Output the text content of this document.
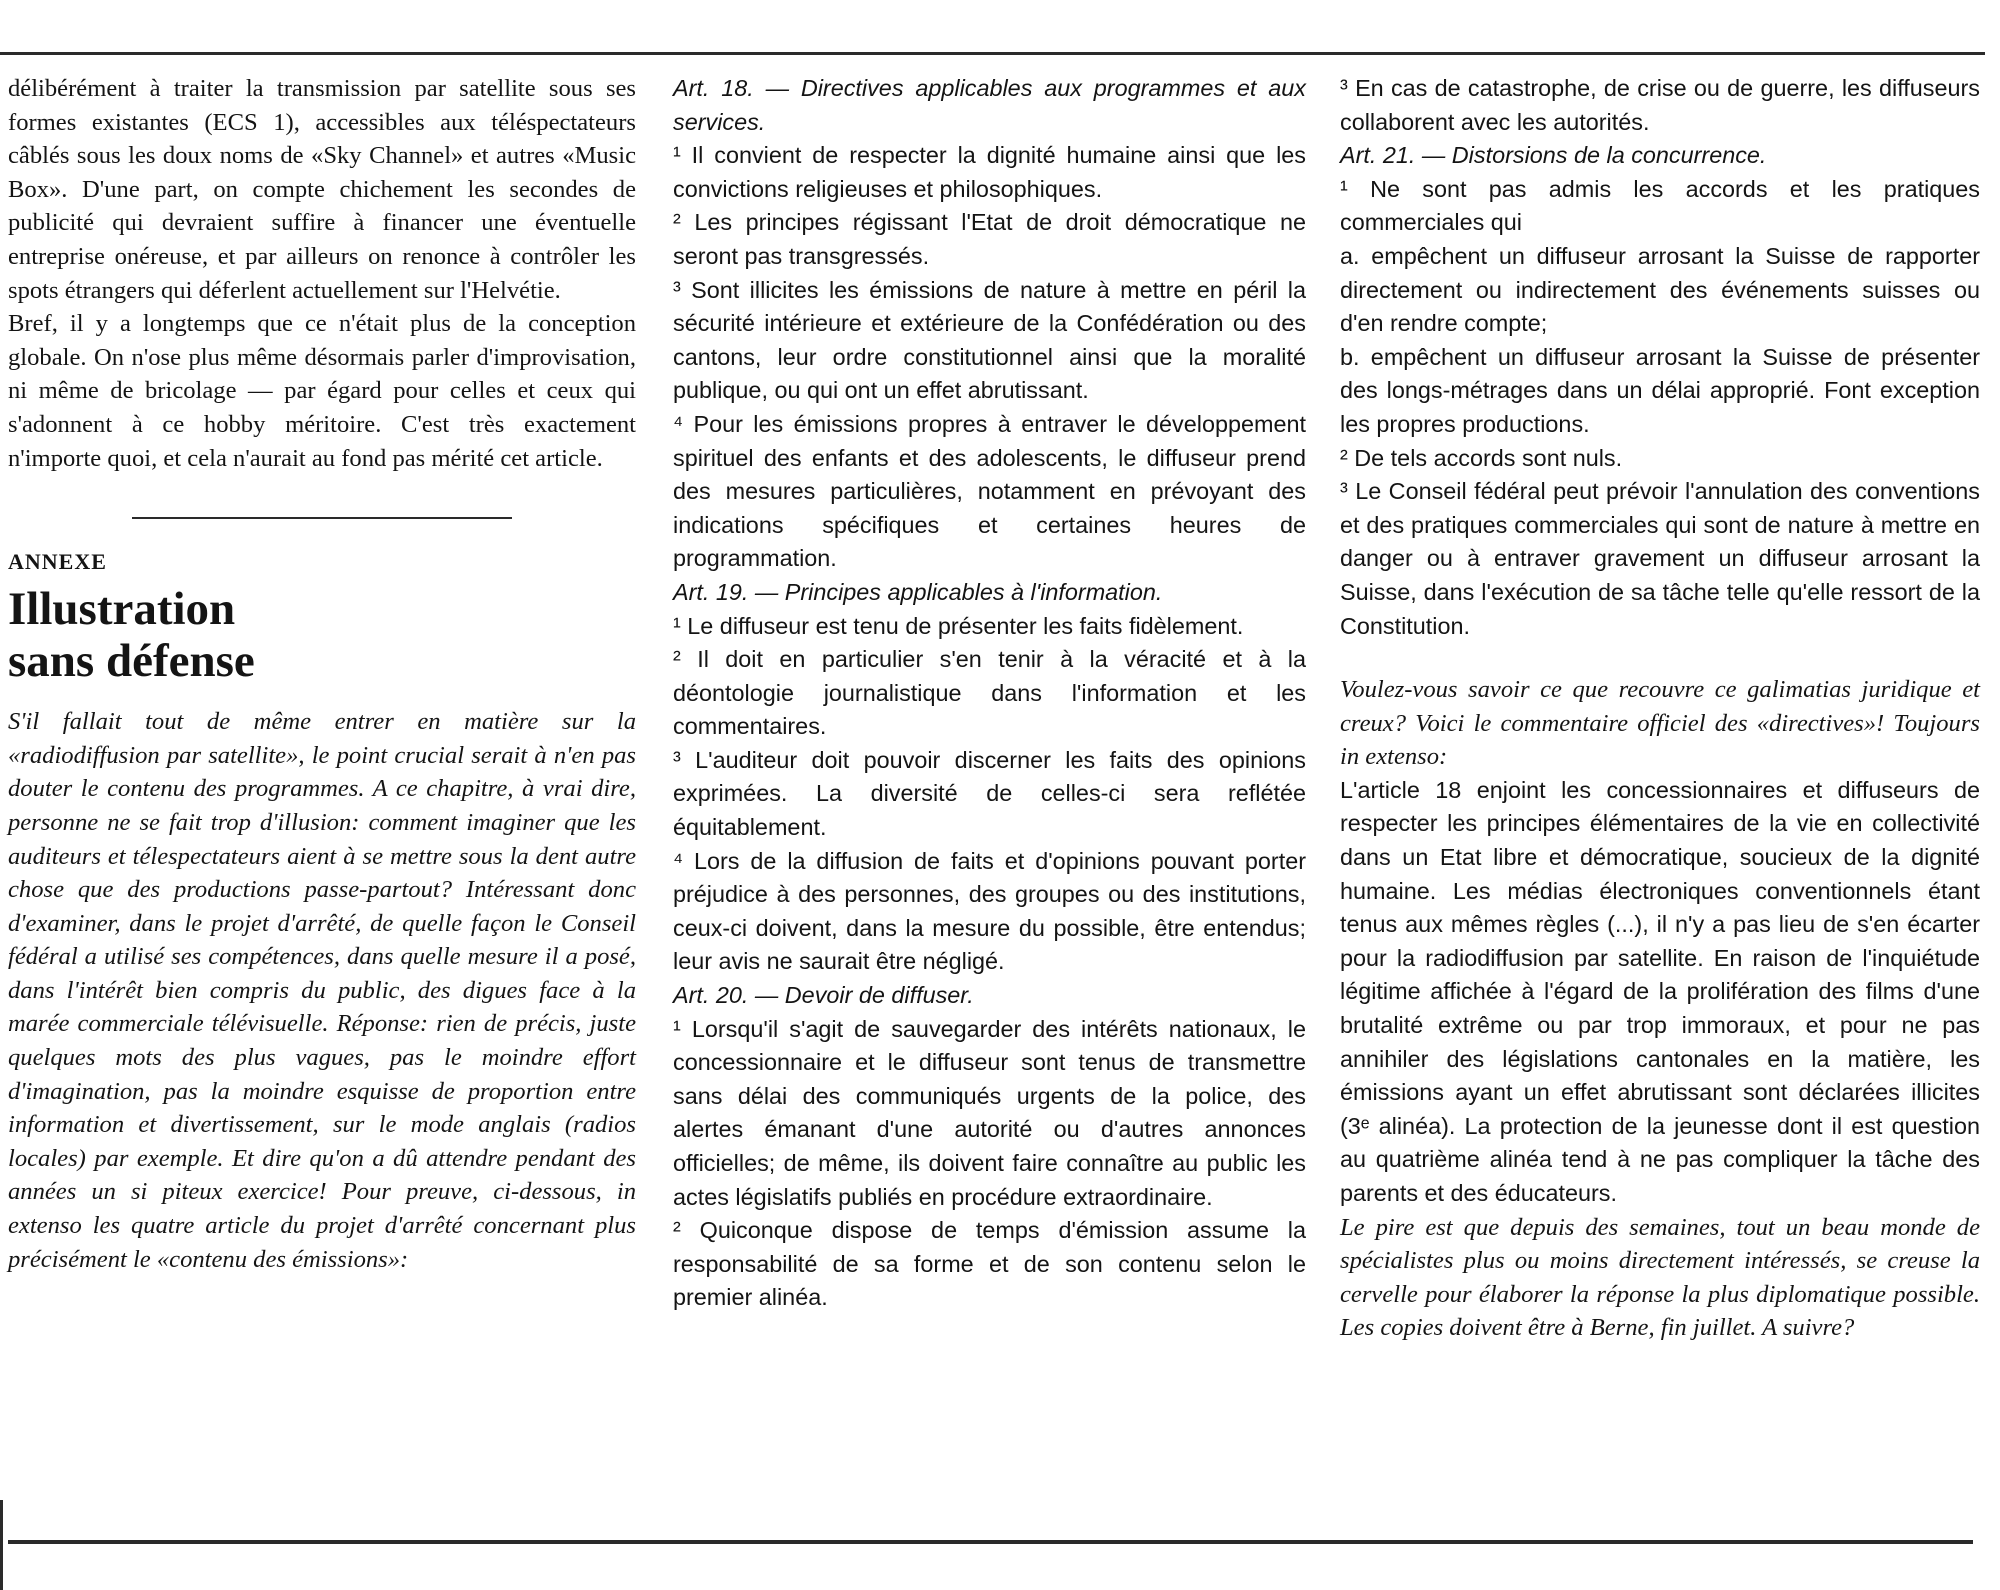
délibérément à traiter la transmission par satellite sous ses formes existantes (ECS 1), accessibles aux téléspectateurs câblés sous les doux noms de «Sky Channel» et autres «Music Box». D'une part, on compte chichement les secondes de publicité qui devraient suffire à financer une éventuelle entreprise onéreuse, et par ailleurs on renonce à contrôler les spots étrangers qui déferlent actuellement sur l'Helvétie.

Bref, il y a longtemps que ce n'était plus de la conception globale. On n'ose plus même désormais parler d'improvisation, ni même de bricolage — par égard pour celles et ceux qui s'adonnent à ce hobby méritoire. C'est très exactement n'importe quoi, et cela n'aurait au fond pas mérité cet article.

ANNEXE

Illustration
sans défense

S'il fallait tout de même entrer en matière sur la «radiodiffusion par satellite», le point crucial serait à n'en pas douter le contenu des programmes. A ce chapitre, à vrai dire, personne ne se fait trop d'illusion: comment imaginer que les auditeurs et télespectateurs aient à se mettre sous la dent autre chose que des productions passe-partout? Intéressant donc d'examiner, dans le projet d'arrêté, de quelle façon le Conseil fédéral a utilisé ses compétences, dans quelle mesure il a posé, dans l'intérêt bien compris du public, des digues face à la marée commerciale télévisuelle. Réponse: rien de précis, juste quelques mots des plus vagues, pas le moindre effort d'imagination, pas la moindre esquisse de proportion entre information et divertissement, sur le mode anglais (radios locales) par exemple. Et dire qu'on a dû attendre pendant des années un si piteux exercice! Pour preuve, ci-dessous, in extenso les quatre article du projet d'arrêté concernant plus précisément le «contenu des émissions»:

Art. 18. — Directives applicables aux programmes et aux services.

¹ Il convient de respecter la dignité humaine ainsi que les convictions religieuses et philosophiques.

² Les principes régissant l'Etat de droit démocratique ne seront pas transgressés.

³ Sont illicites les émissions de nature à mettre en péril la sécurité intérieure et extérieure de la Confédération ou des cantons, leur ordre constitutionnel ainsi que la moralité publique, ou qui ont un effet abrutissant.

⁴ Pour les émissions propres à entraver le développement spirituel des enfants et des adolescents, le diffuseur prend des mesures particulières, notamment en prévoyant des indications spécifiques et certaines heures de programmation.

Art. 19. — Principes applicables à l'information.

¹ Le diffuseur est tenu de présenter les faits fidèlement.

² Il doit en particulier s'en tenir à la véracité et à la déontologie journalistique dans l'information et les commentaires.

³ L'auditeur doit pouvoir discerner les faits des opinions exprimées. La diversité de celles-ci sera reflétée équitablement.

⁴ Lors de la diffusion de faits et d'opinions pouvant porter préjudice à des personnes, des groupes ou des institutions, ceux-ci doivent, dans la mesure du possible, être entendus; leur avis ne saurait être négligé.

Art. 20. — Devoir de diffuser.

¹ Lorsqu'il s'agit de sauvegarder des intérêts nationaux, le concessionnaire et le diffuseur sont tenus de transmettre sans délai des communiqués urgents de la police, des alertes émanant d'une autorité ou d'autres annonces officielles; de même, ils doivent faire connaître au public les actes législatifs publiés en procédure extraordinaire.

² Quiconque dispose de temps d'émission assume la responsabilité de sa forme et de son contenu selon le premier alinéa.

³ En cas de catastrophe, de crise ou de guerre, les diffuseurs collaborent avec les autorités.

Art. 21. — Distorsions de la concurrence.

¹ Ne sont pas admis les accords et les pratiques commerciales qui

a. empêchent un diffuseur arrosant la Suisse de rapporter directement ou indirectement des événements suisses ou d'en rendre compte;

b. empêchent un diffuseur arrosant la Suisse de présenter des longs-métrages dans un délai approprié. Font exception les propres productions.

² De tels accords sont nuls.

³ Le Conseil fédéral peut prévoir l'annulation des conventions et des pratiques commerciales qui sont de nature à mettre en danger ou à entraver gravement un diffuseur arrosant la Suisse, dans l'exécution de sa tâche telle qu'elle ressort de la Constitution.

Voulez-vous savoir ce que recouvre ce galimatias juridique et creux? Voici le commentaire officiel des «directives»! Toujours in extenso:

L'article 18 enjoint les concessionnaires et diffuseurs de respecter les principes élémentaires de la vie en collectivité dans un Etat libre et démocratique, soucieux de la dignité humaine. Les médias électroniques conventionnels étant tenus aux mêmes règles (...), il n'y a pas lieu de s'en écarter pour la radiodiffusion par satellite. En raison de l'inquiétude légitime affichée à l'égard de la prolifération des films d'une brutalité extrême ou par trop immoraux, et pour ne pas annihiler des législations cantonales en la matière, les émissions ayant un effet abrutissant sont déclarées illicites (3ᵉ alinéa). La protection de la jeunesse dont il est question au quatrième alinéa tend à ne pas compliquer la tâche des parents et des éducateurs.

Le pire est que depuis des semaines, tout un beau monde de spécialistes plus ou moins directement intéressés, se creuse la cervelle pour élaborer la réponse la plus diplomatique possible. Les copies doivent être à Berne, fin juillet. A suivre?
